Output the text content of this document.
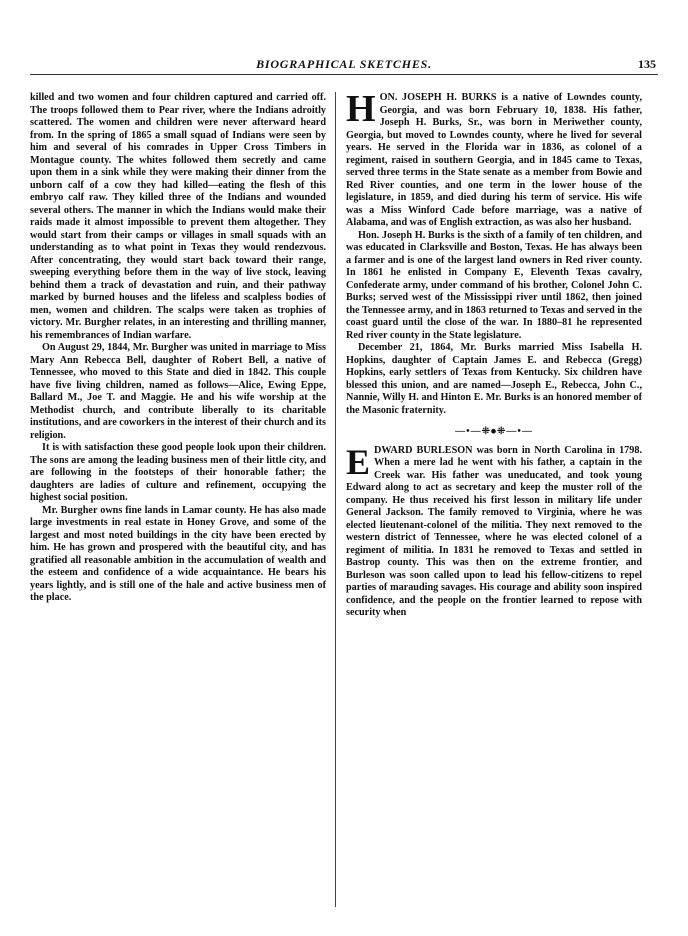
BIOGRAPHICAL SKETCHES.	135

killed and two women and four children captured and carried off. The troops followed them to Pear river, where the Indians adroitly scattered. The women and children were never afterward heard from. In the spring of 1865 a small squad of Indians were seen by him and several of his comrades in Upper Cross Timbers in Montague county. The whites followed them secretly and came upon them in a sink while they were making their dinner from the unborn calf of a cow they had killed—eating the flesh of this embryo calf raw. They killed three of the Indians and wounded several others. The manner in which the Indians would make their raids made it almost impossible to prevent them altogether. They would start from their camps or villages in small squads with an understanding as to what point in Texas they would rendezvous. After concentrating, they would start back toward their range, sweeping everything before them in the way of live stock, leaving behind them a track of devastation and ruin, and their pathway marked by burned houses and the lifeless and scalpless bodies of men, women and children. The scalps were taken as trophies of victory. Mr. Burgher relates, in an interesting and thrilling manner, his remembrances of Indian warfare.

On August 29, 1844, Mr. Burgher was united in marriage to Miss Mary Ann Rebecca Bell, daughter of Robert Bell, a native of Tennessee, who moved to this State and died in 1842. This couple have five living children, named as follows—Alice, Ewing Eppe, Ballard M., Joe T. and Maggie. He and his wife worship at the Methodist church, and contribute liberally to its charitable institutions, and are coworkers in the interest of their church and its religion.

It is with satisfaction these good people look upon their children. The sons are among the leading business men of their little city, and are following in the footsteps of their honorable father; the daughters are ladies of culture and refinement, occupying the highest social position.

Mr. Burgher owns fine lands in Lamar county. He has also made large investments in real estate in Honey Grove, and some of the largest and most noted buildings in the city have been erected by him. He has grown and prospered with the beautiful city, and has gratified all reasonable ambition in the accumulation of wealth and the esteem and confidence of a wide acquaintance. He bears his years lightly, and is still one of the hale and active business men of the place.

HON. JOSEPH H. BURKS is a native of Lowndes county, Georgia, and was born February 10, 1838. His father, Joseph H. Burks, Sr., was born in Meriwether county, Georgia, but moved to Lowndes county, where he lived for several years. He served in the Florida war in 1836, as colonel of a regiment, raised in southern Georgia, and in 1845 came to Texas, served three terms in the State senate as a member from Bowie and Red River counties, and one term in the lower house of the legislature, in 1859, and died during his term of service. His wife was a Miss Winford Cade before marriage, was a native of Alabama, and was of English extraction, as was also her husband.

Hon. Joseph H. Burks is the sixth of a family of ten children, and was educated in Clarksville and Boston, Texas. He has always been a farmer and is one of the largest land owners in Red river county. In 1861 he enlisted in Company E, Eleventh Texas cavalry, Confederate army, under command of his brother, Colonel John C. Burks; served west of the Mississippi river until 1862, then joined the Tennessee army, and in 1863 returned to Texas and served in the coast guard until the close of the war. In 1880–81 he represented Red river county in the State legislature.

December 21, 1864, Mr. Burks married Miss Isabella H. Hopkins, daughter of Captain James E. and Rebecca (Gregg) Hopkins, early settlers of Texas from Kentucky. Six children have blessed this union, and are named—Joseph E., Rebecca, John C., Nannie, Willy H. and Hinton E. Mr. Burks is an honored member of the Masonic fraternity.

—•—⁜⦁⁜—•—

EDWARD BURLESON was born in North Carolina in 1798. When a mere lad he went with his father, a captain in the Creek war. His father was uneducated, and took young Edward along to act as secretary and keep the muster roll of the company. He thus received his first lesson in military life under General Jackson. The family removed to Virginia, where he was elected lieutenant-colonel of the militia. They next removed to the western district of Tennessee, where he was elected colonel of a regiment of militia. In 1831 he removed to Texas and settled in Bastrop county. This was then on the extreme frontier, and Burleson was soon called upon to lead his fellow-citizens to repel parties of marauding savages. His courage and ability soon inspired confidence, and the people on the frontier learned to repose with security when
